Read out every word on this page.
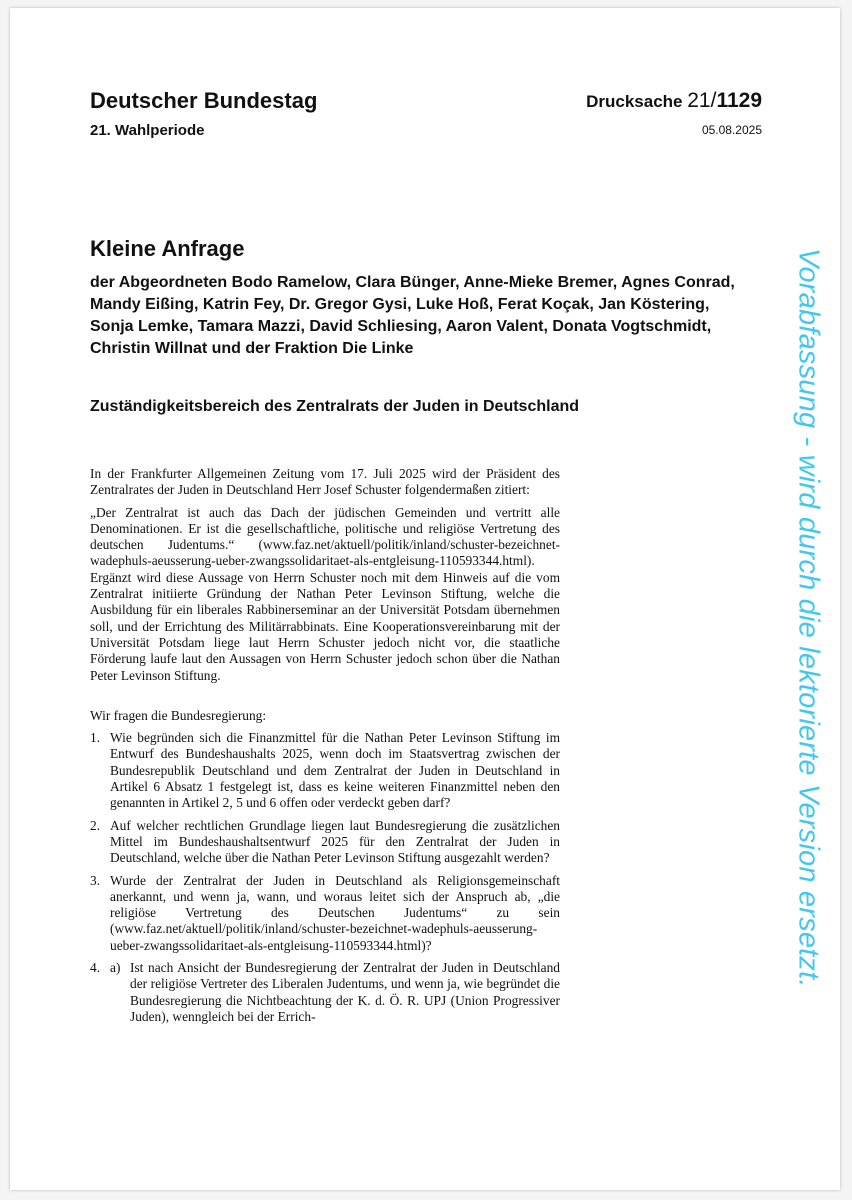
Deutscher Bundestag
21. Wahlperiode
Drucksache 21/1129
05.08.2025
Kleine Anfrage
der Abgeordneten Bodo Ramelow, Clara Bünger, Anne-Mieke Bremer, Agnes Conrad, Mandy Eißing, Katrin Fey, Dr. Gregor Gysi, Luke Hoß, Ferat Koçak, Jan Köstering, Sonja Lemke, Tamara Mazzi, David Schliesing, Aaron Valent, Donata Vogtschmidt, Christin Willnat und der Fraktion Die Linke
Zuständigkeitsbereich des Zentralrats der Juden in Deutschland

In der Frankfurter Allgemeinen Zeitung vom 17. Juli 2025 wird der Präsident des Zentralrates der Juden in Deutschland Herr Josef Schuster folgendermaßen zitiert:

„Der Zentralrat ist auch das Dach der jüdischen Gemeinden und vertritt alle Denominationen. Er ist die gesellschaftliche, politische und religiöse Vertretung des deutschen Judentums.“ (www.faz.net/aktuell/politik/inland/schuster-bezeichnet-wadephuls-aeusserung-ueber-zwangssolidaritaet-als-entgleisung-110593344.html). Ergänzt wird diese Aussage von Herrn Schuster noch mit dem Hinweis auf die vom Zentralrat initiierte Gründung der Nathan Peter Levinson Stiftung, welche die Ausbildung für ein liberales Rabbinerseminar an der Universität Potsdam übernehmen soll, und der Errichtung des Militärrabbinats. Eine Kooperationsvereinbarung mit der Universität Potsdam liege laut Herrn Schuster jedoch nicht vor, die staatliche Förderung laufe laut den Aussagen von Herrn Schuster jedoch schon über die Nathan Peter Levinson Stiftung.

Wir fragen die Bundesregierung:

1. Wie begründen sich die Finanzmittel für die Nathan Peter Levinson Stiftung im Entwurf des Bundeshaushalts 2025, wenn doch im Staatsvertrag zwischen der Bundesrepublik Deutschland und dem Zentralrat der Juden in Deutschland in Artikel 6 Absatz 1 festgelegt ist, dass es keine weiteren Finanzmittel neben den genannten in Artikel 2, 5 und 6 offen oder verdeckt geben darf?
2. Auf welcher rechtlichen Grundlage liegen laut Bundesregierung die zusätzlichen Mittel im Bundeshaushaltsentwurf 2025 für den Zentralrat der Juden in Deutschland, welche über die Nathan Peter Levinson Stiftung ausgezahlt werden?
3. Wurde der Zentralrat der Juden in Deutschland als Religionsgemeinschaft anerkannt, und wenn ja, wann, und woraus leitet sich der Anspruch ab, „die religiöse Vertretung des Deutschen Judentums“ zu sein (www.faz.net/aktuell/politik/inland/schuster-bezeichnet-wadephuls-aeusserung-ueber-zwangssolidaritaet-als-entgleisung-110593344.html)?
4. a) Ist nach Ansicht der Bundesregierung der Zentralrat der Juden in Deutschland der religiöse Vertreter des Liberalen Judentums, und wenn ja, wie begründet die Bundesregierung die Nichtbeachtung der K. d. Ö. R. UPJ (Union Progressiver Juden), wenngleich bei der Errich-
Vorabfassung - wird durch die lektorierte Version ersetzt.
